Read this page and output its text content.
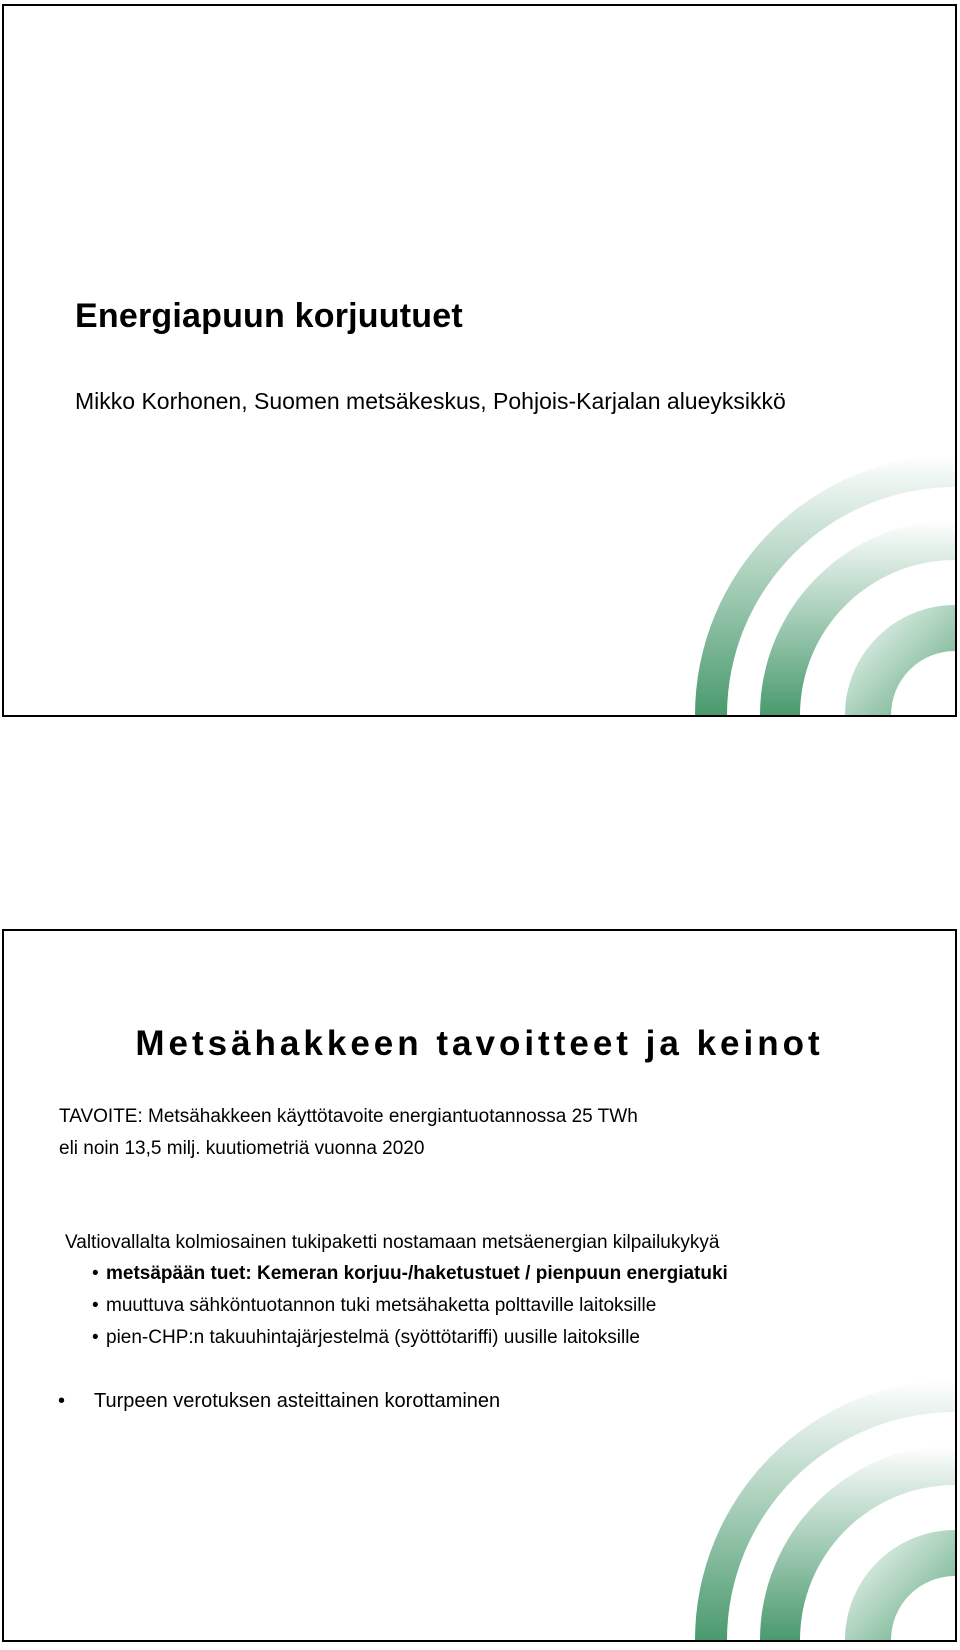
Energiapuun korjuutuet

Mikko Korhonen, Suomen metsäkeskus, Pohjois-Karjalan alueyksikkö

Metsähakkeen tavoitteet ja keinot

TAVOITE: Metsähakkeen käyttötavoite energiantuotannossa 25 TWh

eli noin 13,5 milj. kuutiometriä vuonna 2020

Valtiovallalta kolmiosainen tukipaketti nostamaan metsäenergian kilpailukykyä

• metsäpään tuet: Kemeran korjuu-/haketustuet / pienpuun energiatuki
• muuttuva sähköntuotannon tuki metsähaketta polttaville laitoksille
• pien-CHP:n takuuhintajärjestelmä (syöttötariffi) uusille laitoksille

• Turpeen verotuksen asteittainen korottaminen
